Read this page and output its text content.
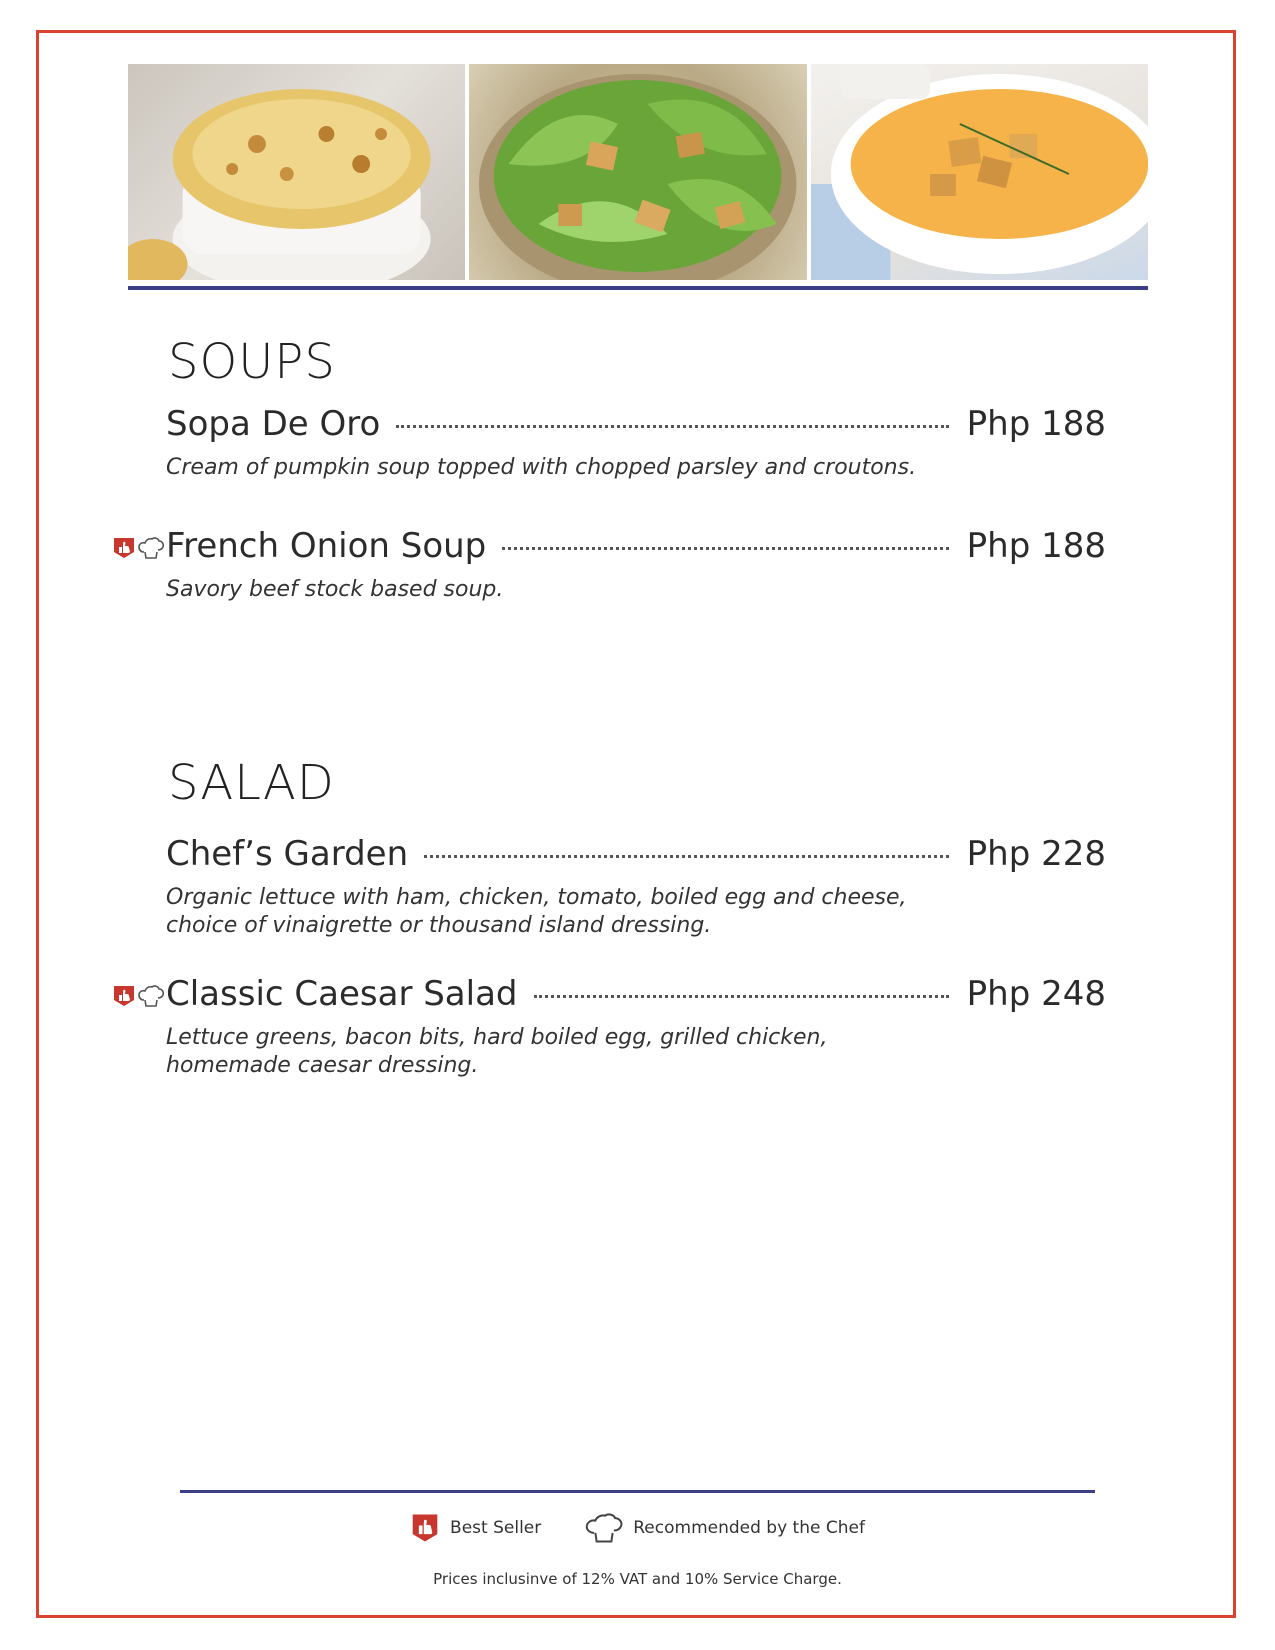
SOUPS
Sopa De Oro	Php 188
Cream of pumpkin soup topped with chopped parsley and croutons.
French Onion Soup	Php 188
Savory beef stock based soup.
SALAD
Chef’s Garden	Php 228
Organic lettuce with ham, chicken, tomato, boiled egg and cheese, choice of vinaigrette or thousand island dressing.
Classic Caesar Salad	Php 248
Lettuce greens, bacon bits, hard boiled egg, grilled chicken, homemade caesar dressing.
Best Seller	Recommended by the Chef
Prices inclusinve of 12% VAT and 10% Service Charge.
